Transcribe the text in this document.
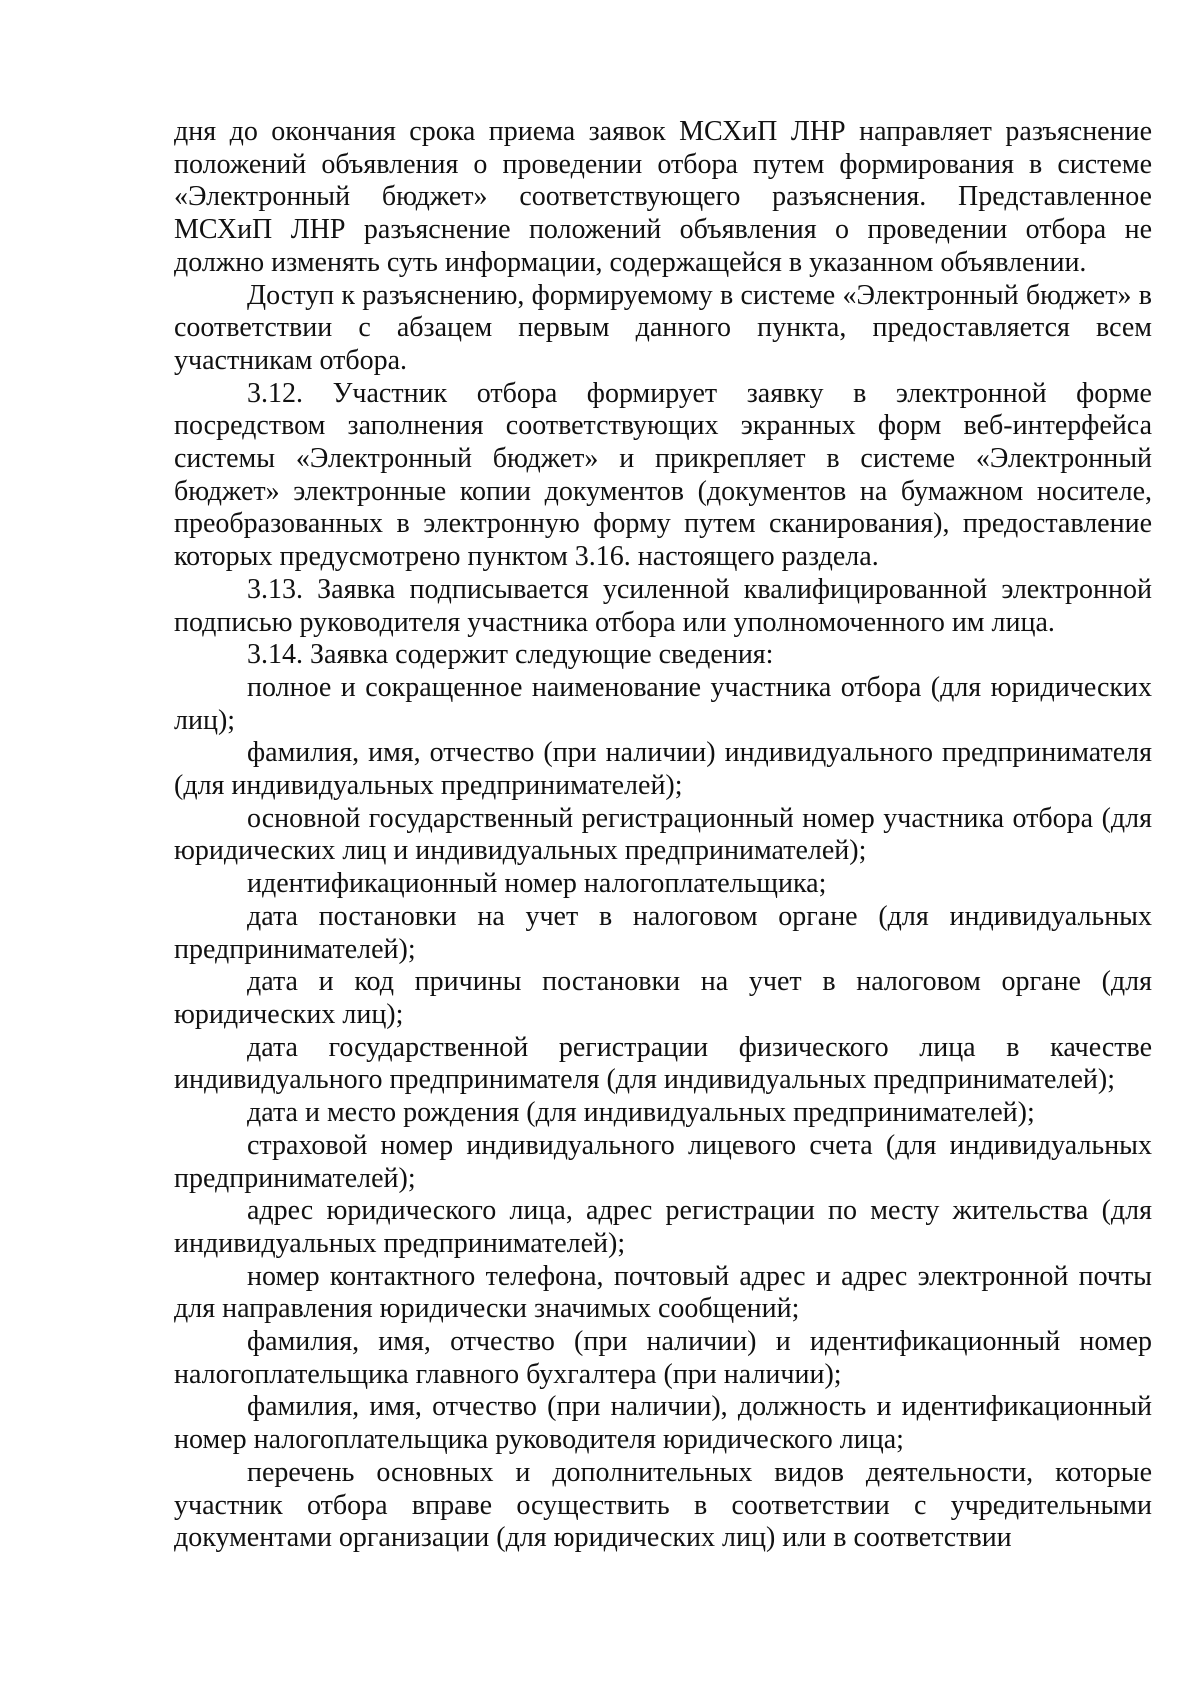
дня до окончания срока приема заявок МСХиП ЛНР направляет разъяснение положений объявления о проведении отбора путем формирования в системе «Электронный бюджет» соответствующего разъяснения. Представленное МСХиП ЛНР разъяснение положений объявления о проведении отбора не должно изменять суть информации, содержащейся в указанном объявлении.

Доступ к разъяснению, формируемому в системе «Электронный бюджет» в соответствии с абзацем первым данного пункта, предоставляется всем участникам отбора.

3.12. Участник отбора формирует заявку в электронной форме посредством заполнения соответствующих экранных форм веб-интерфейса системы «Электронный бюджет» и прикрепляет в системе «Электронный бюджет» электронные копии документов (документов на бумажном носителе, преобразованных в электронную форму путем сканирования), предоставление которых предусмотрено пунктом 3.16. настоящего раздела.

3.13. Заявка подписывается усиленной квалифицированной электронной подписью руководителя участника отбора или уполномоченного им лица.

3.14. Заявка содержит следующие сведения:

полное и сокращенное наименование участника отбора (для юридических лиц);

фамилия, имя, отчество (при наличии) индивидуального предпринимателя (для индивидуальных предпринимателей);

основной государственный регистрационный номер участника отбора (для юридических лиц и индивидуальных предпринимателей);

идентификационный номер налогоплательщика;

дата постановки на учет в налоговом органе (для индивидуальных предпринимателей);

дата и код причины постановки на учет в налоговом органе (для юридических лиц);

дата государственной регистрации физического лица в качестве индивидуального предпринимателя (для индивидуальных предпринимателей);

дата и место рождения (для индивидуальных предпринимателей);

страховой номер индивидуального лицевого счета (для индивидуальных предпринимателей);

адрес юридического лица, адрес регистрации по месту жительства (для индивидуальных предпринимателей);

номер контактного телефона, почтовый адрес и адрес электронной почты для направления юридически значимых сообщений;

фамилия, имя, отчество (при наличии) и идентификационный номер налогоплательщика главного бухгалтера (при наличии);

фамилия, имя, отчество (при наличии), должность и идентификационный номер налогоплательщика руководителя юридического лица;

перечень основных и дополнительных видов деятельности, которые участник отбора вправе осуществить в соответствии с учредительными документами организации (для юридических лиц) или в соответствии
